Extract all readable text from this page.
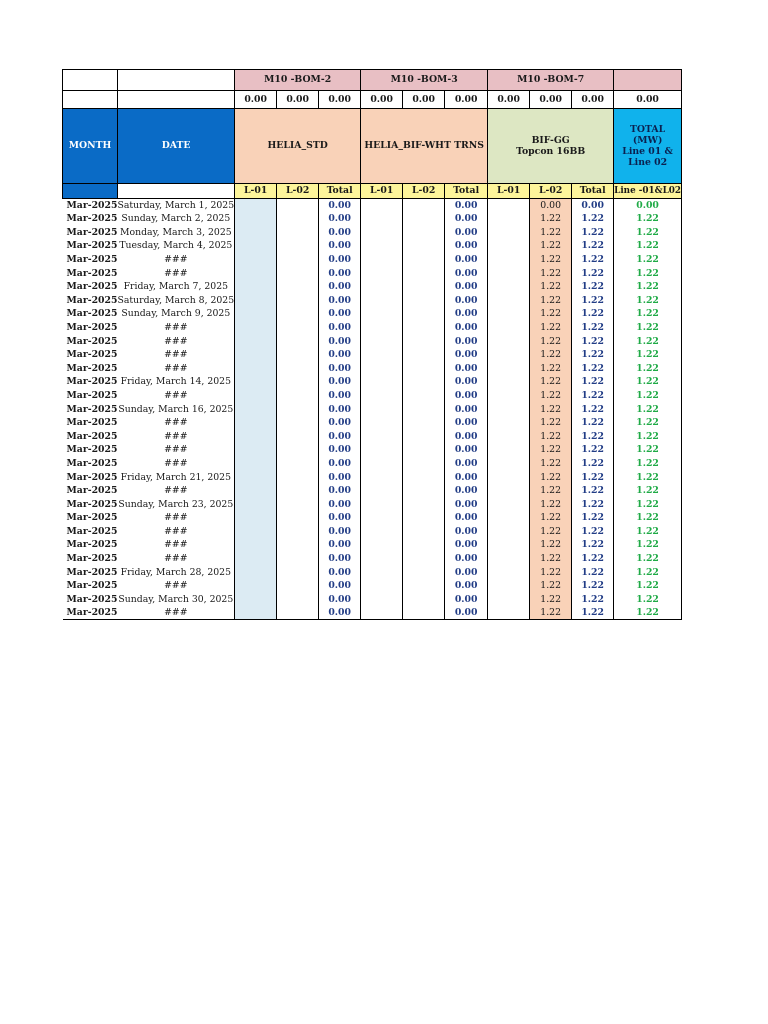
		M10 -BOM-2			M10 -BOM-3			M10 -BOM-7			
		0.00	0.00	0.00	0.00	0.00	0.00	0.00	0.00	0.00	0.00
MONTH	DATE	HELIA_STD			HELIA_BIF-WHT TRNS			BIF-GG
Topcon 16BB			TOTAL (MW)
Line 01 &
Line 02
		L-01	L-02	Total	L-01	L-02	Total	L-01	L-02	Total	Line -01&L02
Mar-2025	Saturday, March 1, 2025			0.00			0.00		0.00	0.00	0.00
Mar-2025	Sunday, March 2, 2025			0.00			0.00		1.22	1.22	1.22
Mar-2025	Monday, March 3, 2025			0.00			0.00		1.22	1.22	1.22
Mar-2025	Tuesday, March 4, 2025			0.00			0.00		1.22	1.22	1.22
Mar-2025	###			0.00			0.00		1.22	1.22	1.22
Mar-2025	###			0.00			0.00		1.22	1.22	1.22
Mar-2025	Friday, March 7, 2025			0.00			0.00		1.22	1.22	1.22
Mar-2025	Saturday, March 8, 2025			0.00			0.00		1.22	1.22	1.22
Mar-2025	Sunday, March 9, 2025			0.00			0.00		1.22	1.22	1.22
Mar-2025	###			0.00			0.00		1.22	1.22	1.22
Mar-2025	###			0.00			0.00		1.22	1.22	1.22
Mar-2025	###			0.00			0.00		1.22	1.22	1.22
Mar-2025	###			0.00			0.00		1.22	1.22	1.22
Mar-2025	Friday, March 14, 2025			0.00			0.00		1.22	1.22	1.22
Mar-2025	###			0.00			0.00		1.22	1.22	1.22
Mar-2025	Sunday, March 16, 2025			0.00			0.00		1.22	1.22	1.22
Mar-2025	###			0.00			0.00		1.22	1.22	1.22
Mar-2025	###			0.00			0.00		1.22	1.22	1.22
Mar-2025	###			0.00			0.00		1.22	1.22	1.22
Mar-2025	###			0.00			0.00		1.22	1.22	1.22
Mar-2025	Friday, March 21, 2025			0.00			0.00		1.22	1.22	1.22
Mar-2025	###			0.00			0.00		1.22	1.22	1.22
Mar-2025	Sunday, March 23, 2025			0.00			0.00		1.22	1.22	1.22
Mar-2025	###			0.00			0.00		1.22	1.22	1.22
Mar-2025	###			0.00			0.00		1.22	1.22	1.22
Mar-2025	###			0.00			0.00		1.22	1.22	1.22
Mar-2025	###			0.00			0.00		1.22	1.22	1.22
Mar-2025	Friday, March 28, 2025			0.00			0.00		1.22	1.22	1.22
Mar-2025	###			0.00			0.00		1.22	1.22	1.22
Mar-2025	Sunday, March 30, 2025			0.00			0.00		1.22	1.22	1.22
Mar-2025	###			0.00			0.00		1.22	1.22	1.22
